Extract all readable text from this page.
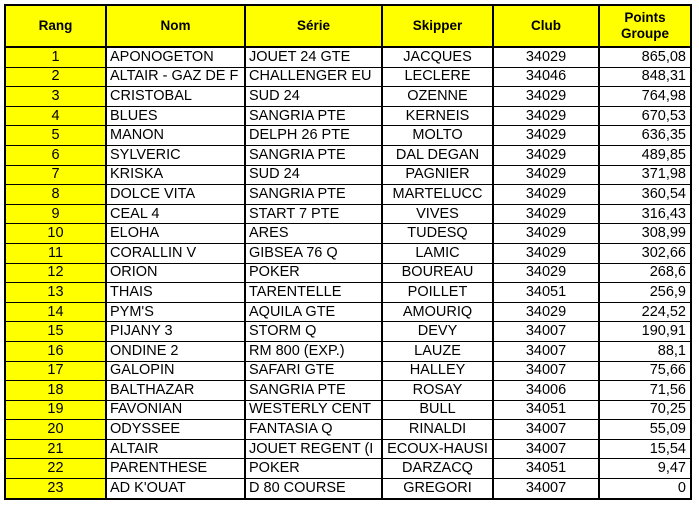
Rang	Nom	Série	Skipper	Club	Points
Groupe

1	APONOGETON	JOUET 24 GTE	JACQUES	34029	865,08
2	ALTAIR - GAZ DE F	CHALLENGER EU	LECLERE	34046	848,31
3	CRISTOBAL	SUD 24	OZENNE	34029	764,98
4	BLUES	SANGRIA PTE	KERNEIS	34029	670,53
5	MANON	DELPH 26 PTE	MOLTO	34029	636,35
6	SYLVERIC	SANGRIA PTE	DAL DEGAN	34029	489,85
7	KRISKA	SUD 24	PAGNIER	34029	371,98
8	DOLCE VITA	SANGRIA PTE	MARTELUCC	34029	360,54
9	CEAL 4	START 7 PTE	VIVES	34029	316,43
10	ELOHA	ARES	TUDESQ	34029	308,99
11	CORALLIN V	GIBSEA 76 Q	LAMIC	34029	302,66
12	ORION	POKER	BOUREAU	34029	268,6
13	THAIS	TARENTELLE	POILLET	34051	256,9
14	PYM'S	AQUILA GTE	AMOURIQ	34029	224,52
15	PIJANY 3	STORM Q	DEVY	34007	190,91
16	ONDINE 2	RM 800 (EXP.)	LAUZE	34007	88,1
17	GALOPIN	SAFARI GTE	HALLEY	34007	75,66
18	BALTHAZAR	SANGRIA PTE	ROSAY	34006	71,56
19	FAVONIAN	WESTERLY CENT	BULL	34051	70,25
20	ODYSSEE	FANTASIA Q	RINALDI	34007	55,09
21	ALTAIR	JOUET REGENT (I	ECOUX-HAUSI	34007	15,54
22	PARENTHESE	POKER	DARZACQ	34051	9,47
23	AD K'OUAT	D 80 COURSE	GREGORI	34007	0
